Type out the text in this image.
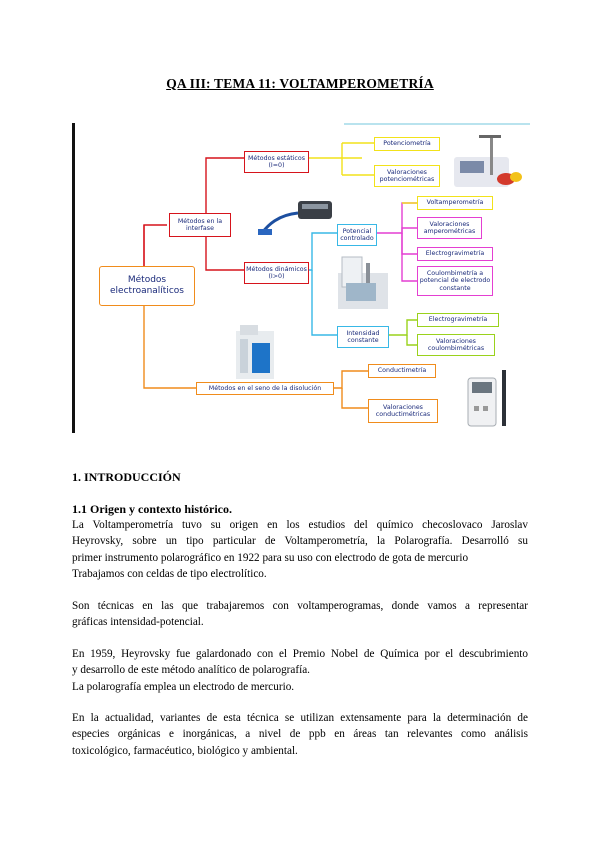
QA III: TEMA 11: VOLTAMPEROMETRÍA
Métodos electroanalíticos
Métodos en la interfase
Métodos estáticos (I=0)
Métodos dinámicos (I>0)
Métodos en el seno de la disolución
Potenciometría
Valoraciones potenciométricas
Potencial controlado
Intensidad constante
Voltamperometría
Valoraciones amperométricas
Electrogravimetría
Coulombimetría a potencial de electrodo constante
Electrogravimetría
Valoraciones coulombimétricas
Conductimetría
Valoraciones conductimétricas
1. INTRODUCCIÓN
1.1 Origen y contexto histórico.
La Voltamperometría tuvo su origen en los estudios del químico checoslovaco Jaroslav
Heyrovsky, sobre un tipo particular de Voltamperometría, la Polarografía. Desarrolló su
primer instrumento polarográfico en 1922 para su uso con electrodo de gota de mercurio
Trabajamos con celdas de tipo electrolítico.
Son técnicas en las que trabajaremos con voltamperogramas, donde vamos a representar
gráficas intensidad-potencial.
En 1959, Heyrovsky fue galardonado con el Premio Nobel de Química por el descubrimiento
y desarrollo de este método analítico de polarografía.
La polarografía emplea un electrodo de mercurio.
En la actualidad, variantes de esta técnica se utilizan extensamente para la determinación de
especies orgánicas e inorgánicas, a nivel de ppb en áreas tan relevantes como análisis
toxicológico, farmacéutico, biológico y ambiental.
